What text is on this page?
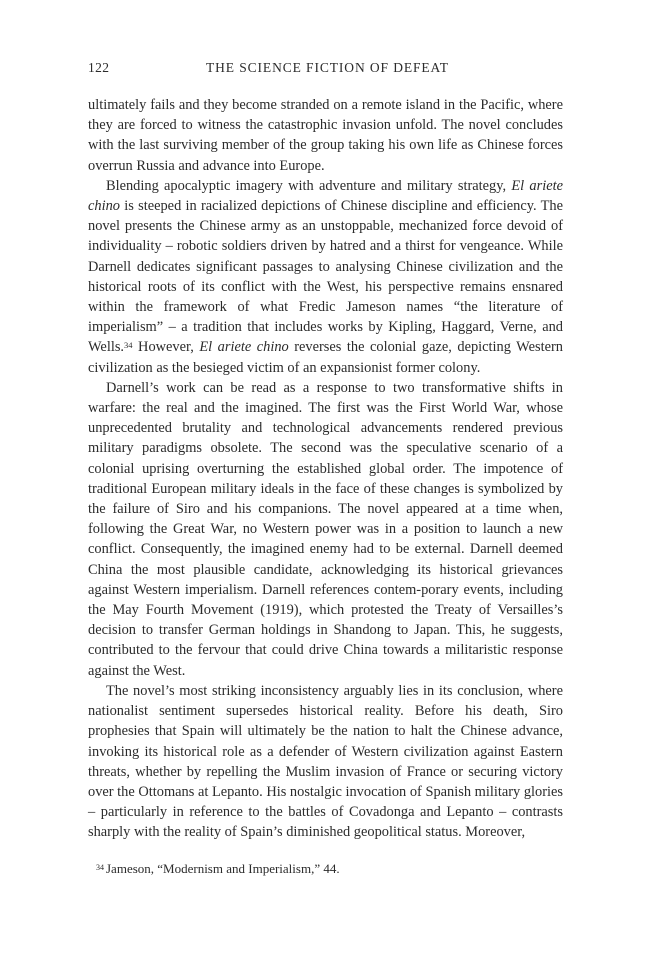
122	THE SCIENCE FICTION OF DEFEAT

ultimately fails and they become stranded on a remote island in the Pacific, where they are forced to witness the catastrophic invasion unfold. The novel concludes with the last surviving member of the group taking his own life as Chinese forces overrun Russia and advance into Europe.

Blending apocalyptic imagery with adventure and military strategy, El ariete chino is steeped in racialized depictions of Chinese discipline and efficiency. The novel presents the Chinese army as an unstoppable, mechanized force devoid of individuality – robotic soldiers driven by hatred and a thirst for vengeance. While Darnell dedicates significant passages to analysing Chinese civilization and the historical roots of its conflict with the West, his perspective remains ensnared within the framework of what Fredic Jameson names “the literature of imperialism” – a tradition that includes works by Kipling, Haggard, Verne, and Wells.$^{34}$ However, El ariete chino reverses the colonial gaze, depicting Western civilization as the besieged victim of an expansionist former colony.

Darnell’s work can be read as a response to two transformative shifts in warfare: the real and the imagined. The first was the First World War, whose unprecedented brutality and technological advancements rendered previous military paradigms obsolete. The second was the speculative scenario of a colonial uprising overturning the established global order. The impotence of traditional European military ideals in the face of these changes is symbolized by the failure of Siro and his companions. The novel appeared at a time when, following the Great War, no Western power was in a position to launch a new conflict. Consequently, the imagined enemy had to be external. Darnell deemed China the most plausible candidate, acknowledging its historical grievances against Western imperialism. Darnell references contem-porary events, including the May Fourth Movement (1919), which protested the Treaty of Versailles’s decision to transfer German holdings in Shandong to Japan. This, he suggests, contributed to the fervour that could drive China towards a militaristic response against the West.

The novel’s most striking inconsistency arguably lies in its conclusion, where nationalist sentiment supersedes historical reality. Before his death, Siro prophesies that Spain will ultimately be the nation to halt the Chinese advance, invoking its historical role as a defender of Western civilization against Eastern threats, whether by repelling the Muslim invasion of France or securing victory over the Ottomans at Lepanto. His nostalgic invocation of Spanish military glories – particularly in reference to the battles of Covadonga and Lepanto – contrasts sharply with the reality of Spain’s diminished geopolitical status. Moreover,

$^{34}$ Jameson, “Modernism and Imperialism,” 44.
